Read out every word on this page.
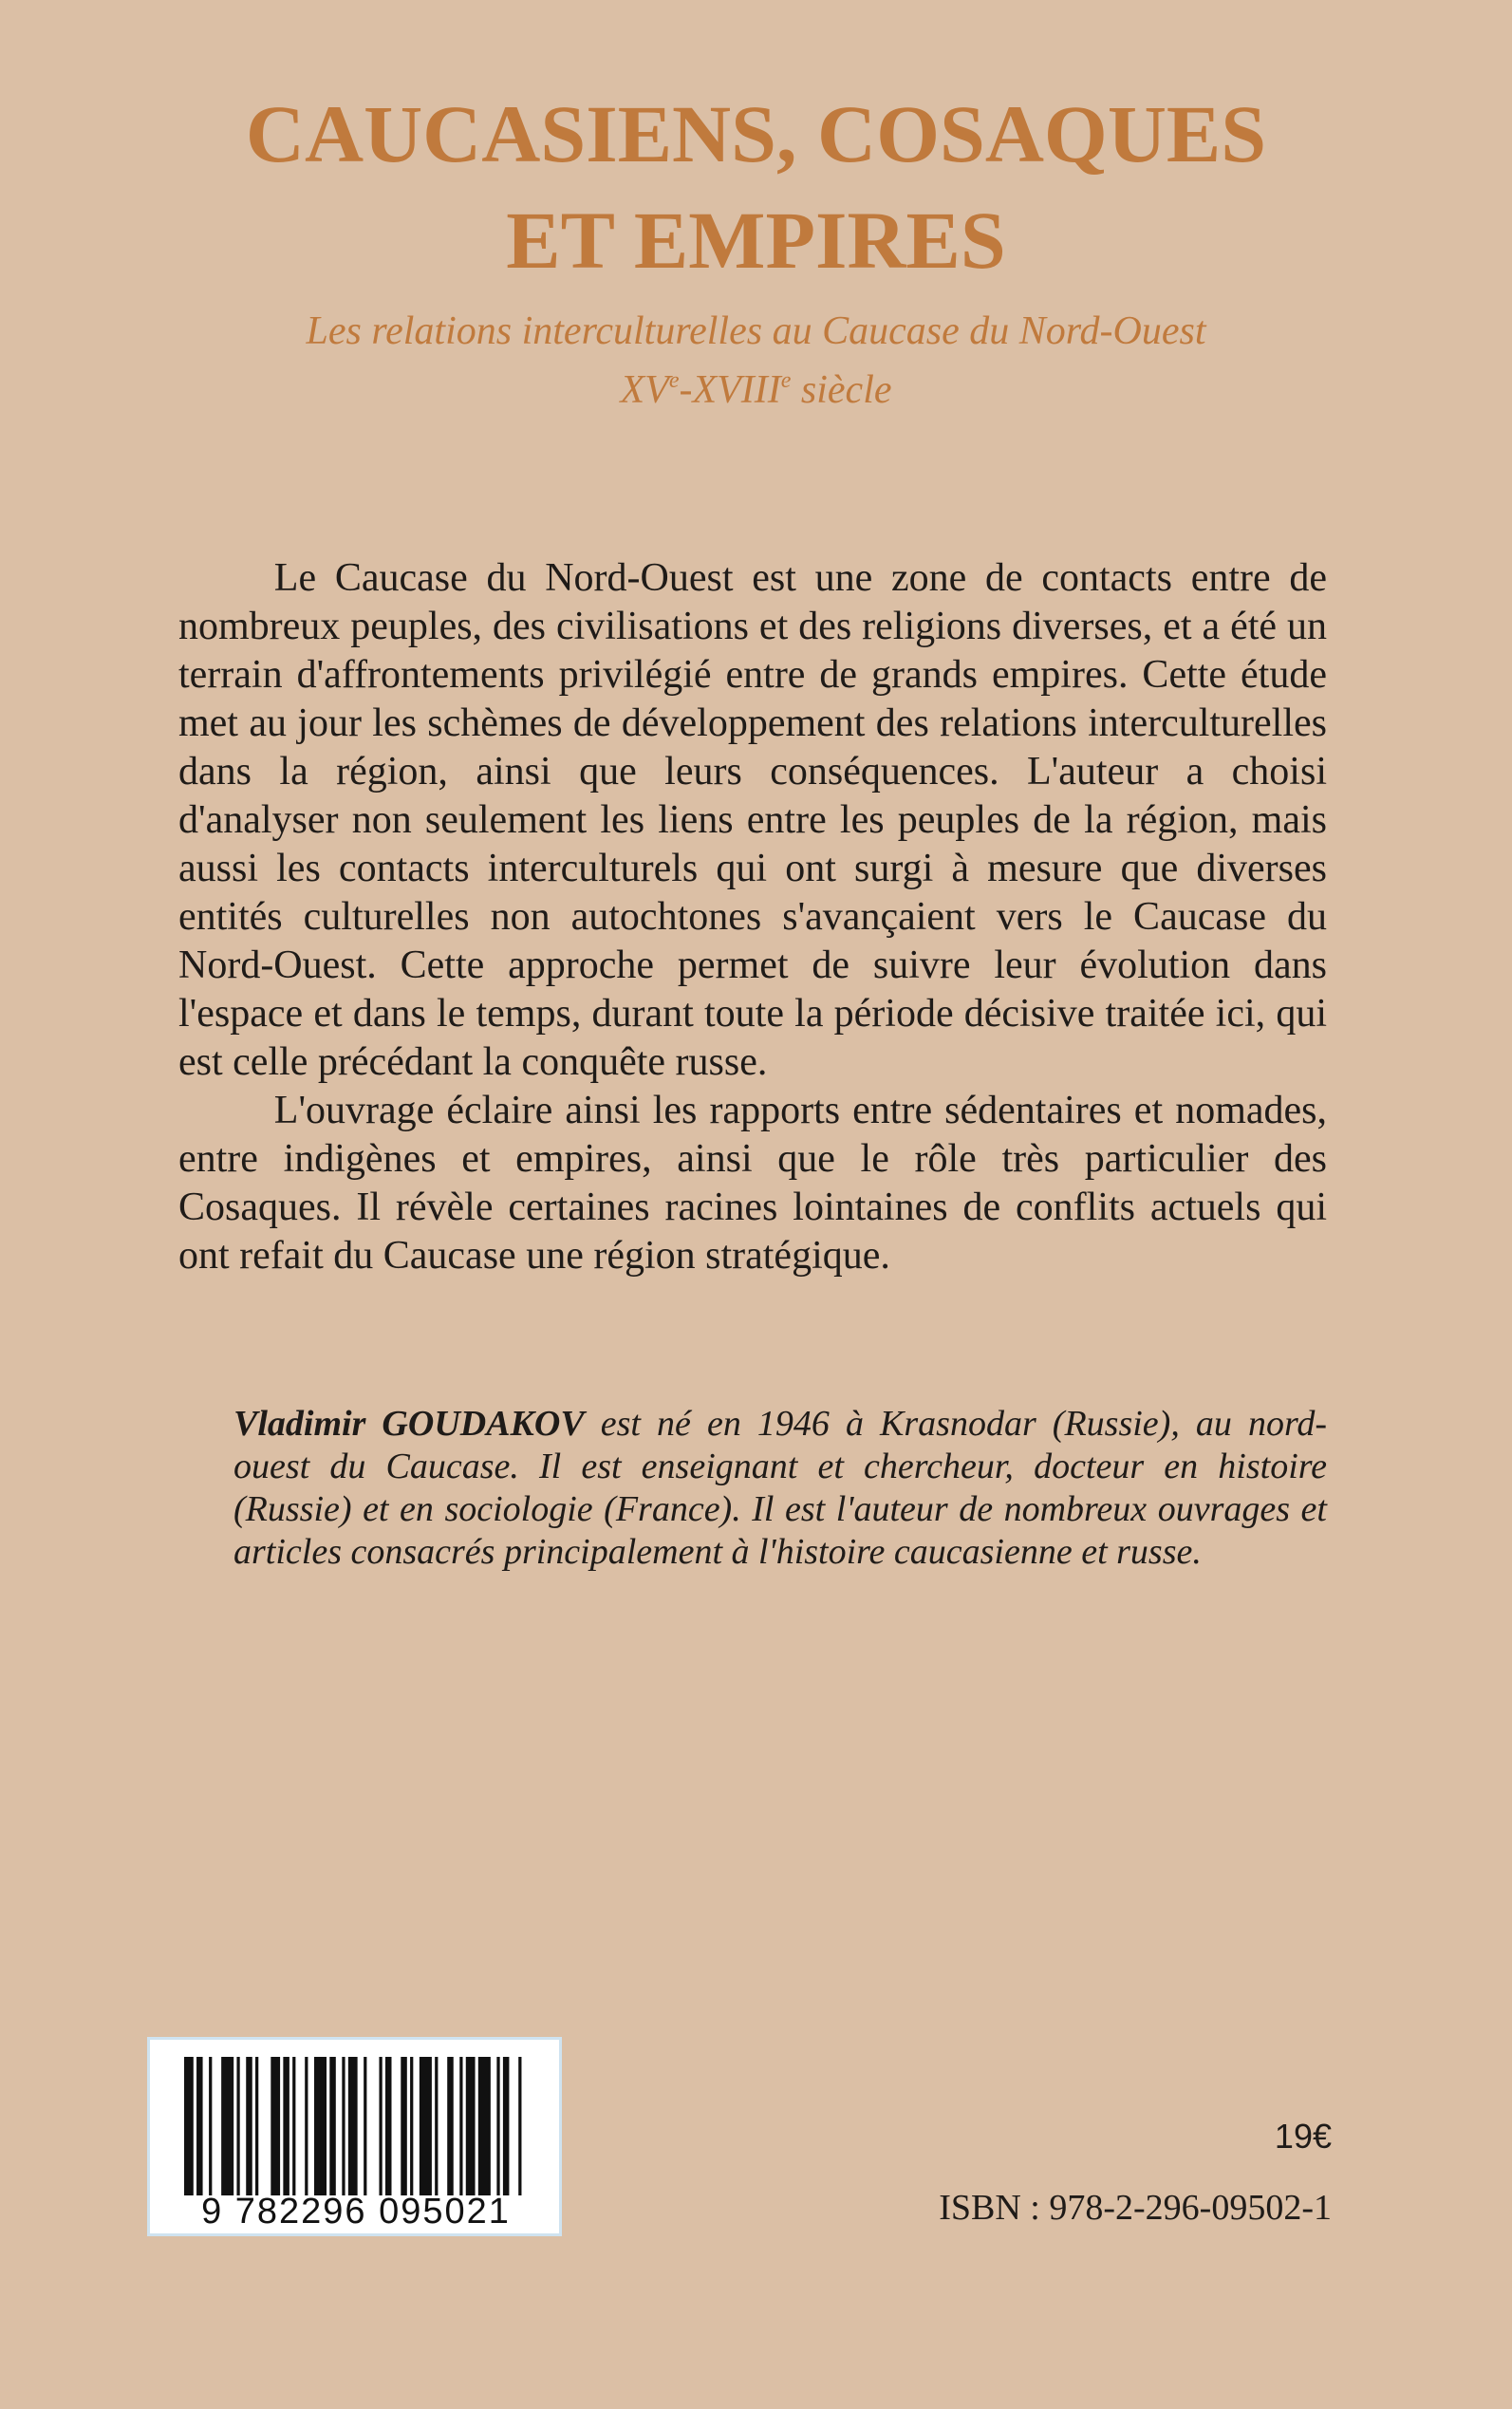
CAUCASIENS, COSAQUES
ET EMPIRES
Les relations interculturelles au Caucase du Nord-Ouest
XVe-XVIIIe siècle

Le Caucase du Nord-Ouest est une zone de contacts entre de nombreux peuples, des civilisations et des religions diverses, et a été un terrain d'affrontements privilégié entre de grands empires. Cette étude met au jour les schèmes de développement des relations interculturelles dans la région, ainsi que leurs conséquences. L'auteur a choisi d'analyser non seulement les liens entre les peuples de la région, mais aussi les contacts interculturels qui ont surgi à mesure que diverses entités culturelles non autochtones s'avançaient vers le Caucase du Nord-Ouest. Cette approche permet de suivre leur évolution dans l'espace et dans le temps, durant toute la période décisive traitée ici, qui est celle précédant la conquête russe.

L'ouvrage éclaire ainsi les rapports entre sédentaires et nomades, entre indigènes et empires, ainsi que le rôle très particulier des Cosaques. Il révèle certaines racines lointaines de conflits actuels qui ont refait du Caucase une région stratégique.

Vladimir GOUDAKOV est né en 1946 à Krasnodar (Russie), au nord-ouest du Caucase. Il est enseignant et chercheur, docteur en histoire (Russie) et en sociologie (France). Il est l'auteur de nombreux ouvrages et articles consacrés principalement à l'histoire caucasienne et russe.
9 782296 095021
19€
ISBN : 978-2-296-09502-1
